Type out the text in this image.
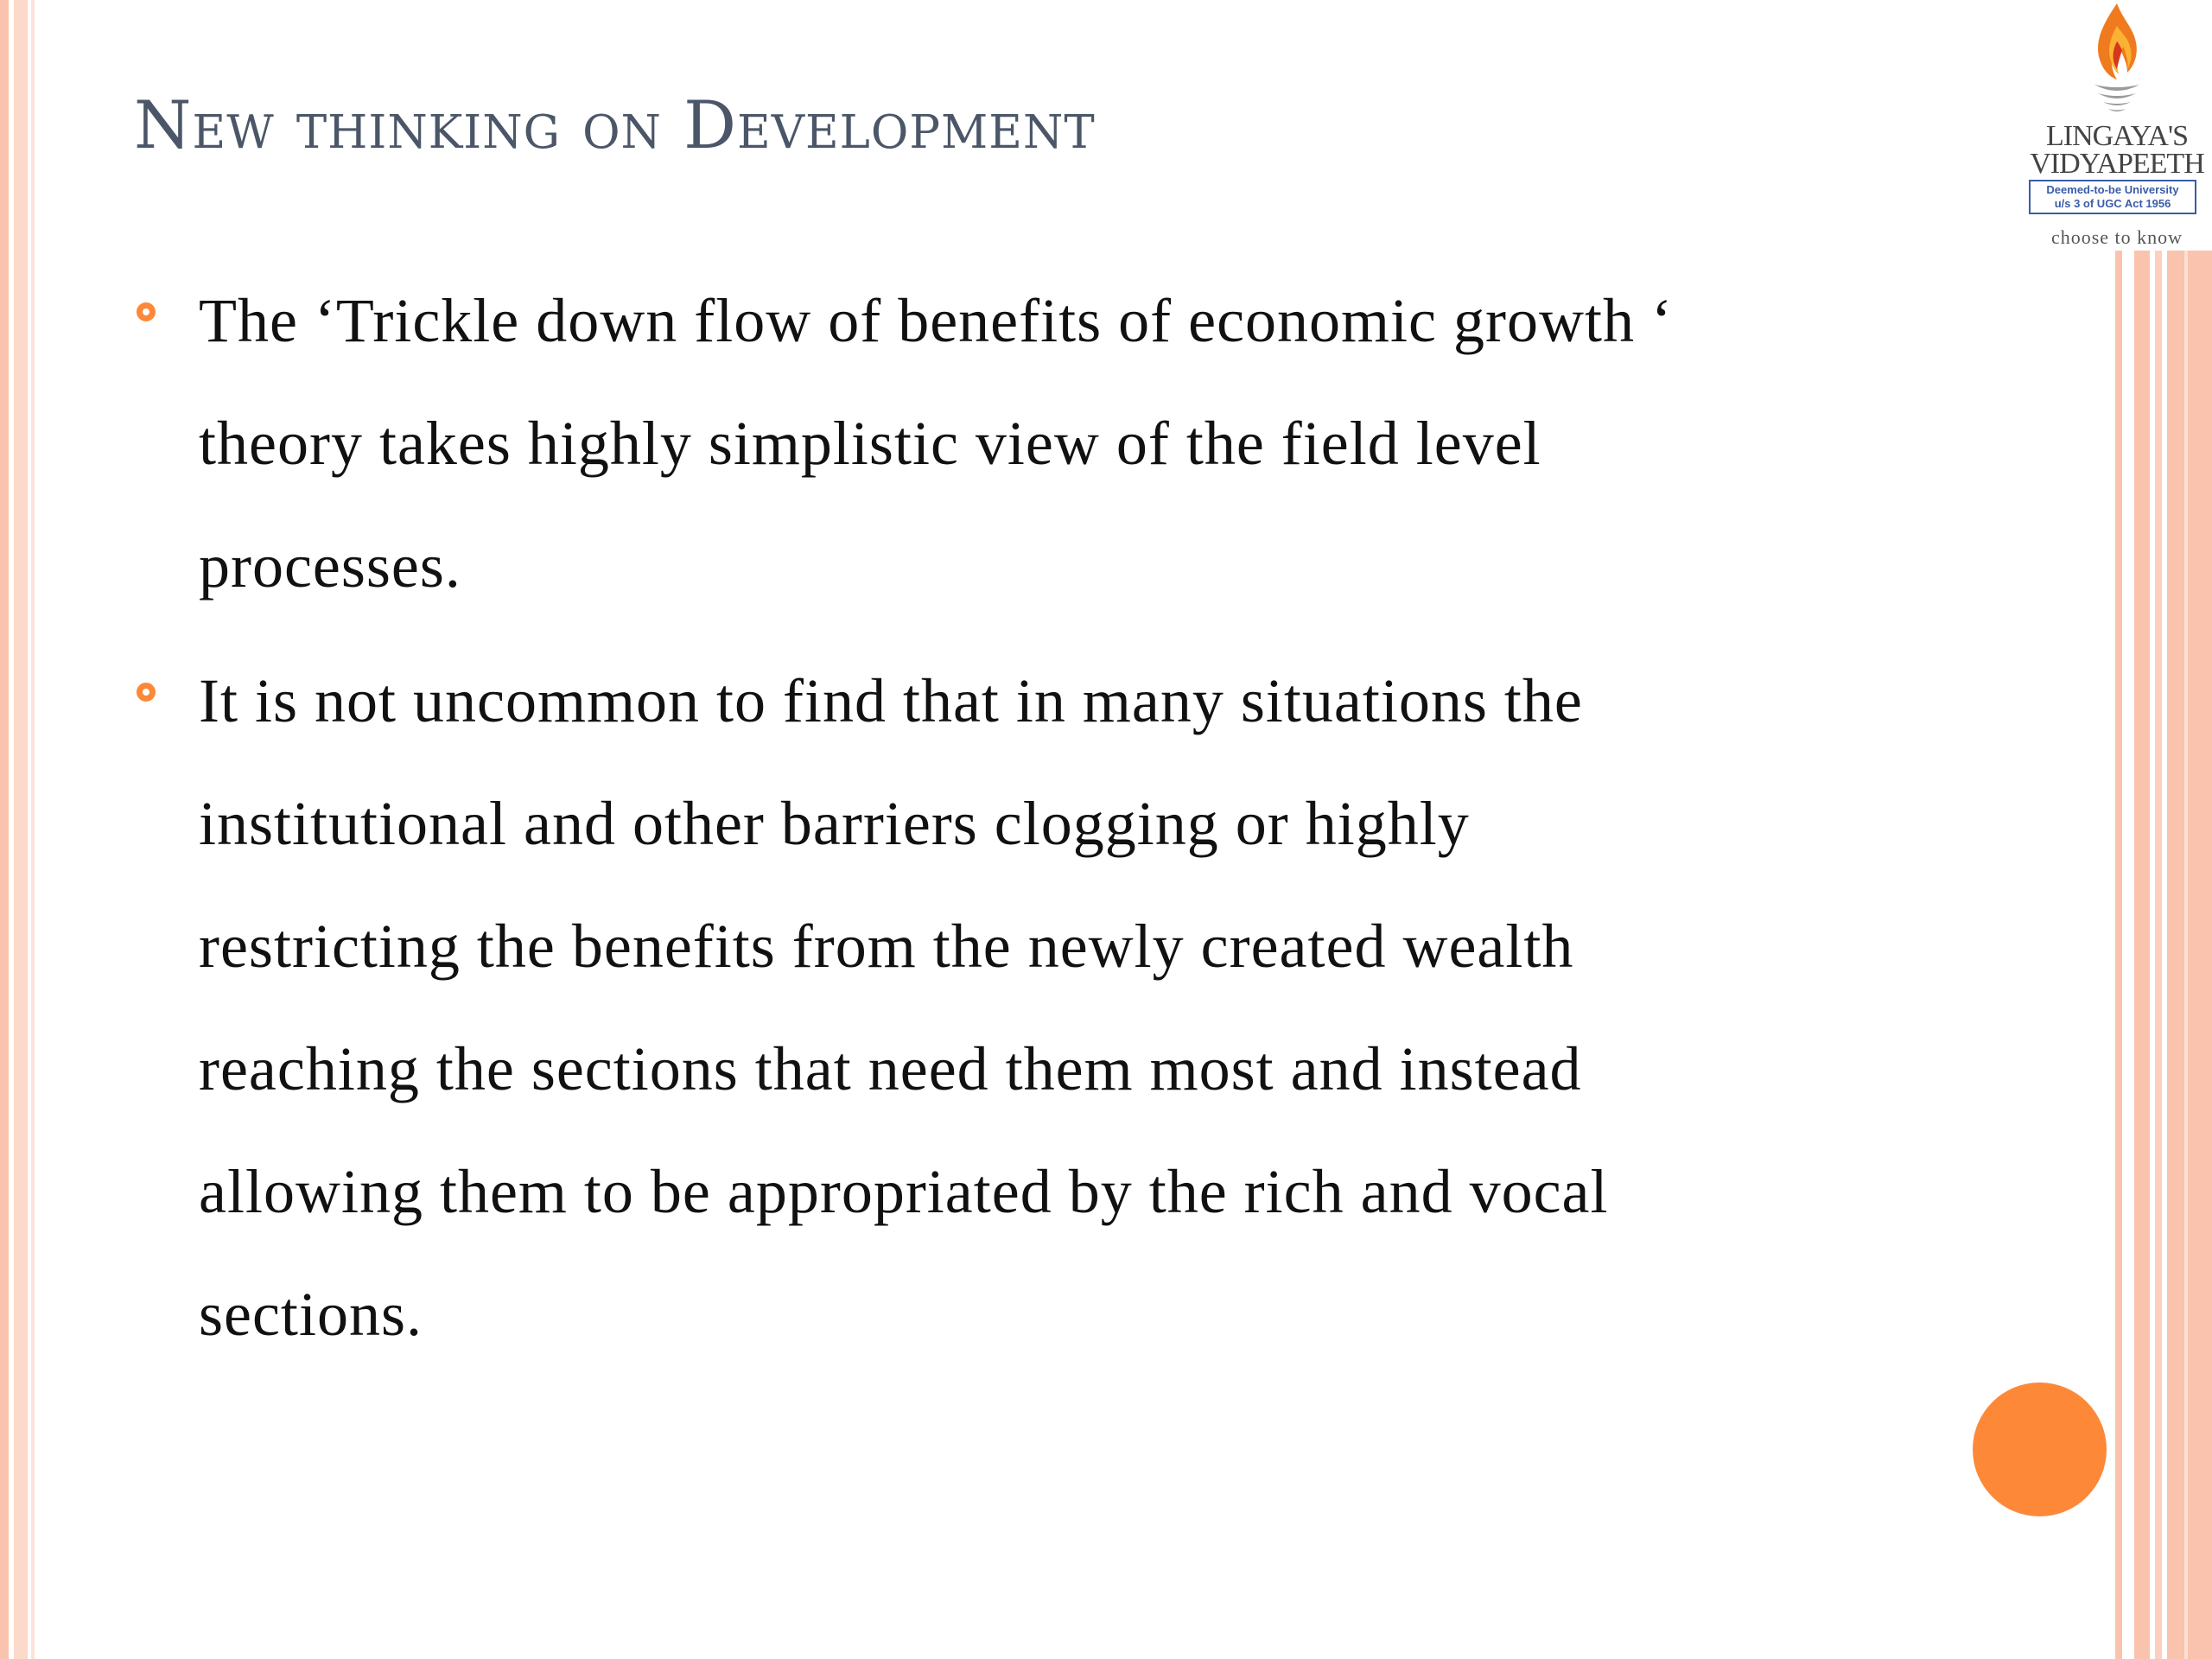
LINGAYA'S
VIDYAPEETH
Deemed-to-be University
u/s 3 of UGC Act 1956
choose to know
New thinking on Development
The ‘Trickle down flow of benefits of economic growth ‘
theory takes highly simplistic view of the field level
processes.
It is not uncommon to find that in many situations the
institutional and other barriers clogging or highly
restricting the benefits from the newly created wealth
reaching the sections that need them most and instead
allowing them to be appropriated by the rich and vocal
sections.
